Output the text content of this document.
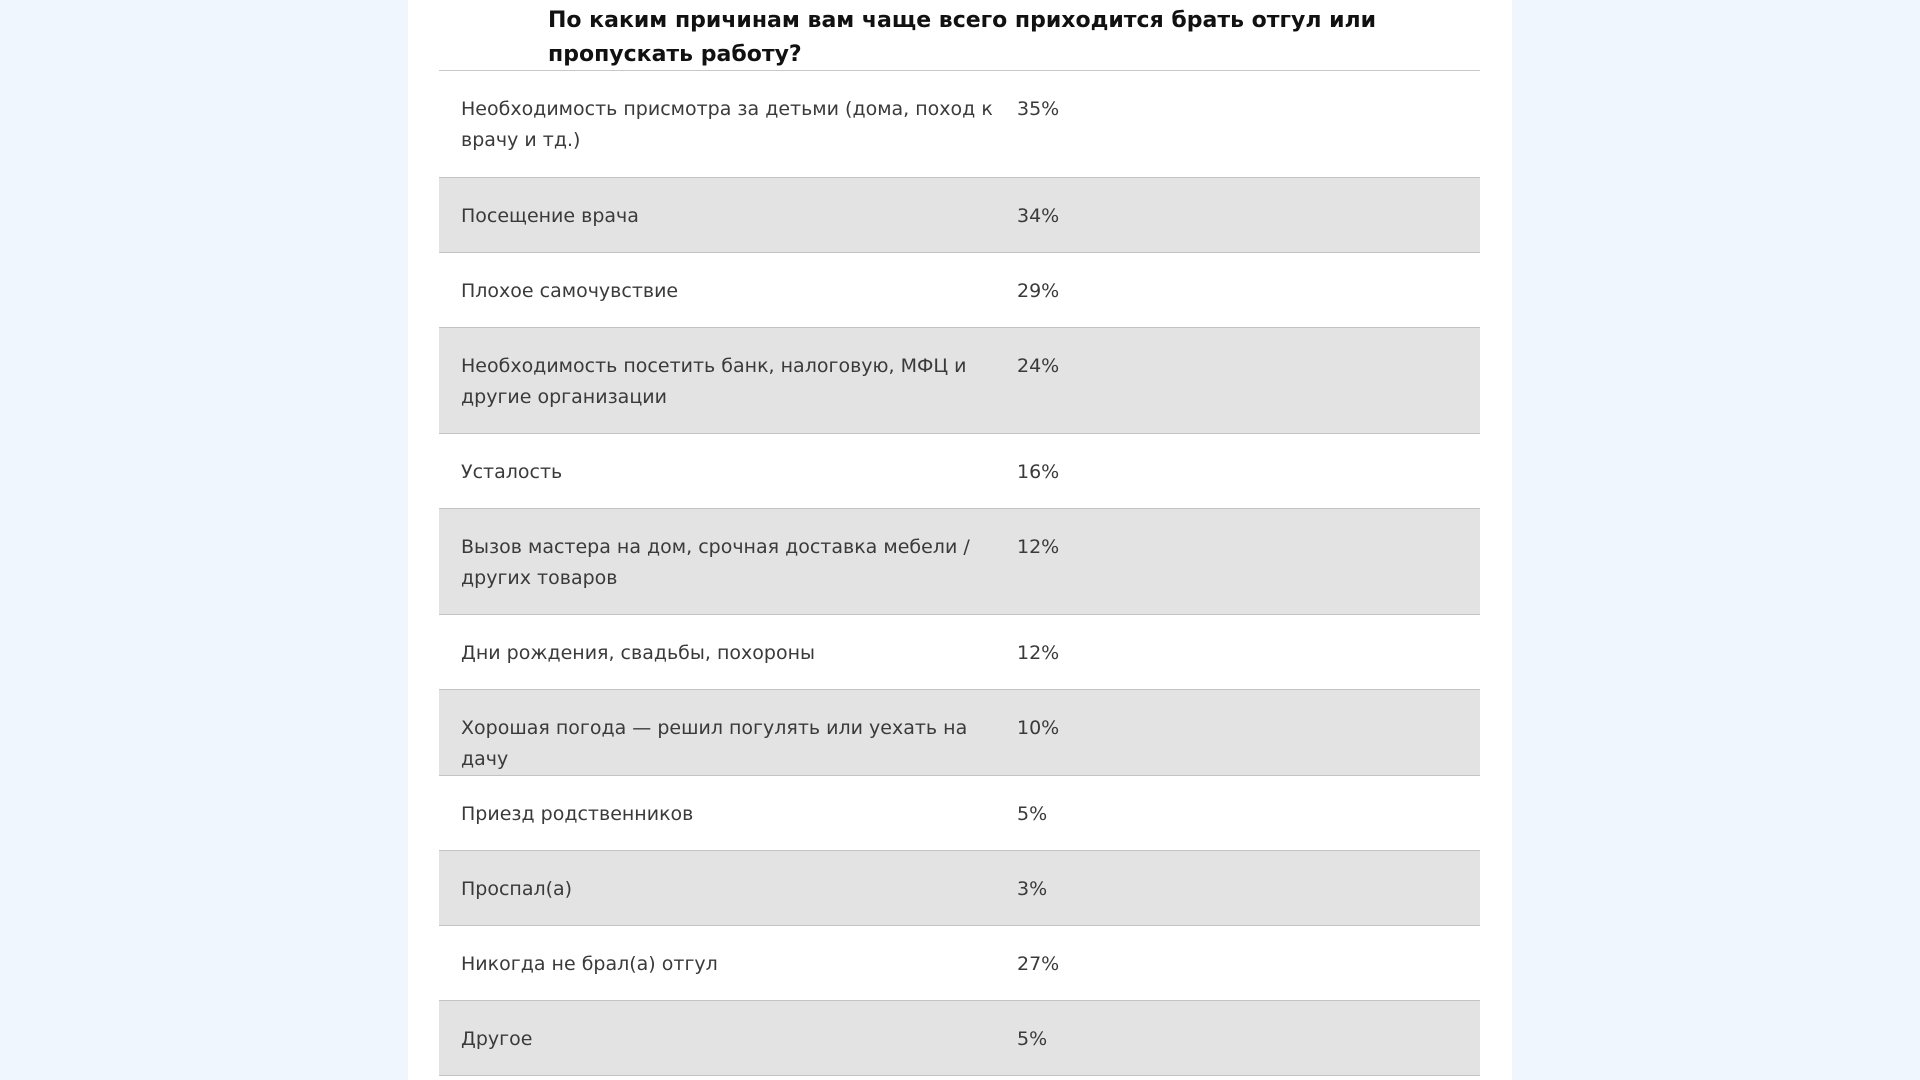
По каким причинам вам чаще всего приходится брать отгул или
пропускать работу?
Необходимость присмотра за детьми (дома, поход к врачу и тд.)	35%
Посещение врача	34%
Плохое самочувствие	29%
Необходимость посетить банк, налоговую, МФЦ и другие организации	24%
Усталость	16%
Вызов мастера на дом, срочная доставка мебели / других товаров	12%
Дни рождения, свадьбы, похороны	12%
Хорошая погода — решил погулять или уехать на дачу	10%
Приезд родственников	5%
Проспал(а)	3%
Никогда не брал(а) отгул	27%
Другое	5%
